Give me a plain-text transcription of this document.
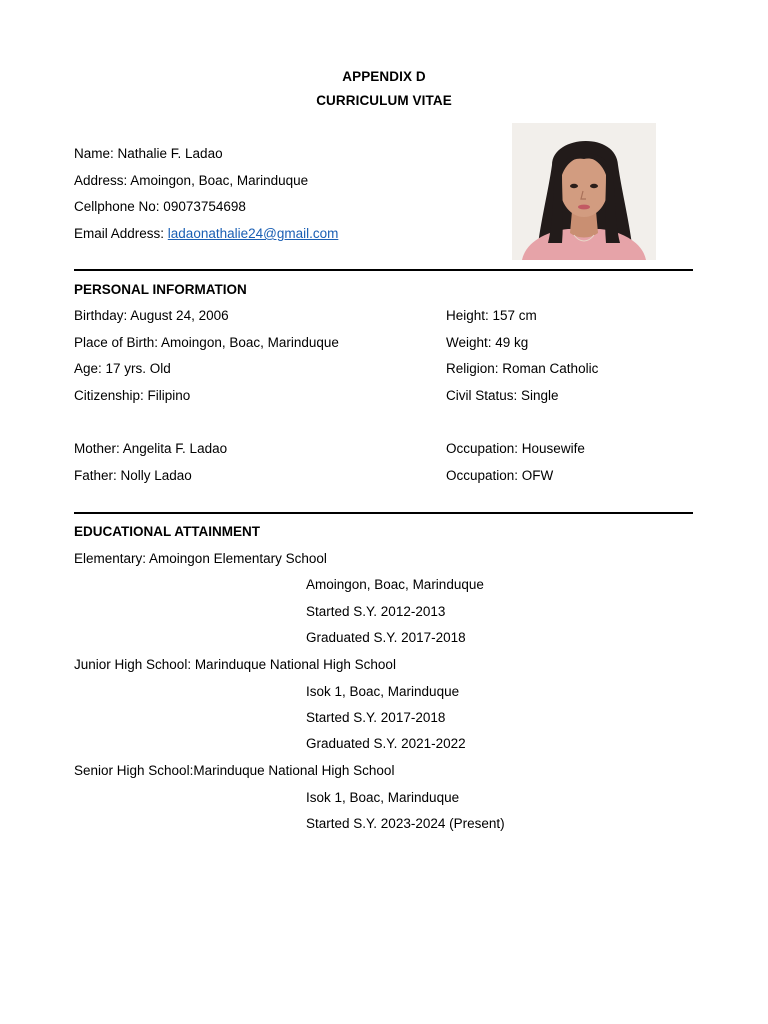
APPENDIX D
CURRICULUM VITAE
Name: Nathalie F. Ladao
Address: Amoingon, Boac, Marinduque
Cellphone No: 09073754698
Email Address: ladaonathalie24@gmail.com
PERSONAL INFORMATION
Birthday: August 24, 2006
Place of Birth: Amoingon, Boac, Marinduque
Age: 17 yrs. Old
Citizenship: Filipino
Height: 157 cm
Weight: 49 kg
Religion: Roman Catholic
Civil Status: Single
Mother: Angelita F. Ladao
Father: Nolly Ladao
Occupation: Housewife
Occupation: OFW
EDUCATIONAL ATTAINMENT
Elementary: Amoingon Elementary School
Amoingon, Boac, Marinduque
Started S.Y. 2012-2013
Graduated S.Y. 2017-2018
Junior High School: Marinduque National High School
Isok 1, Boac, Marinduque
Started S.Y. 2017-2018
Graduated S.Y. 2021-2022
Senior High School:Marinduque National High School
Isok 1, Boac, Marinduque
Started S.Y. 2023-2024 (Present)
